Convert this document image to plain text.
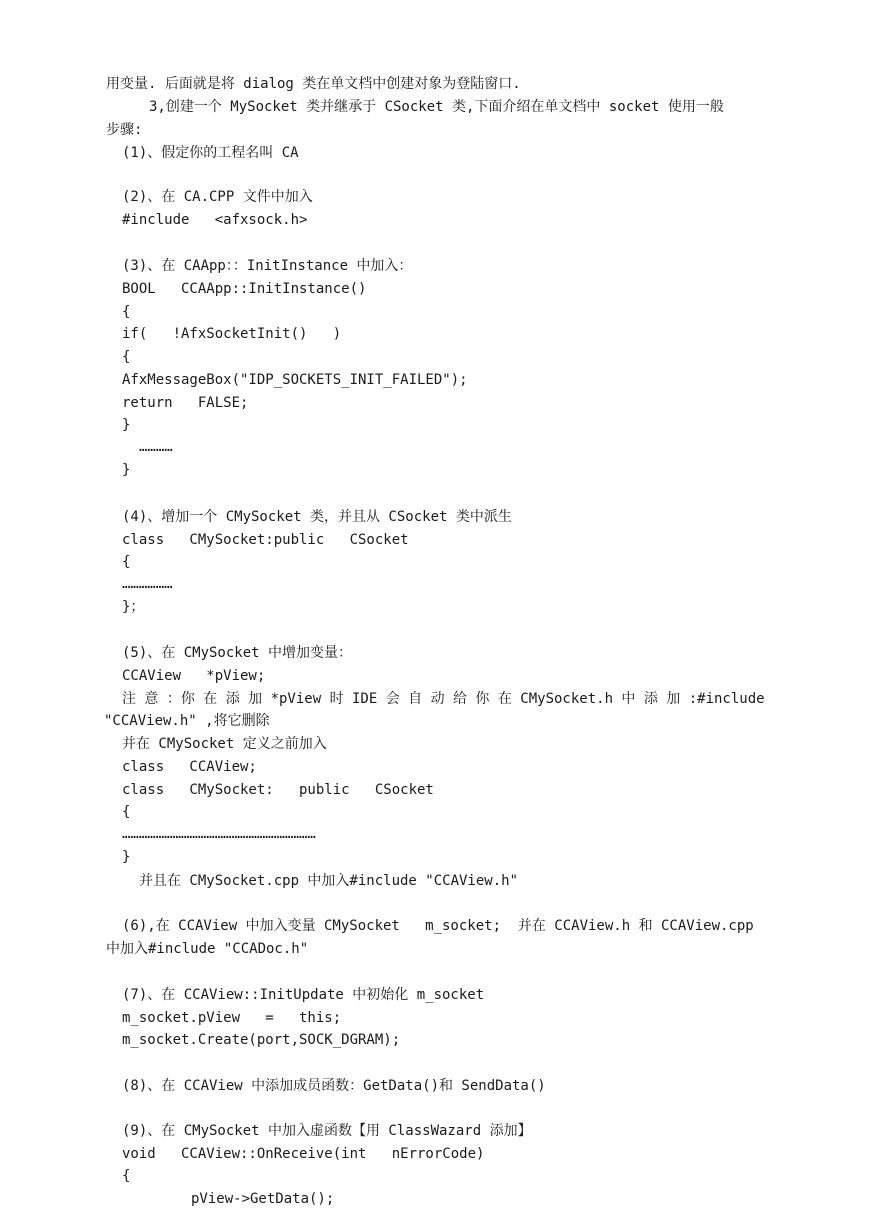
用变量. 后面就是将 dialog 类在单文档中创建对象为登陆窗口.
3,创建一个 MySocket 类并继承于 CSocket 类,下面介绍在单文档中 socket 使用一般
步骤:
(1)、假定你的工程名叫 CA
(2)、在 CA.CPP 文件中加入
#include   <afxsock.h>
(3)、在 CAApp：：InitInstance 中加入：
BOOL   CCAApp::InitInstance()
{
if(   !AfxSocketInit()   )
{
AfxMessageBox("IDP_SOCKETS_INIT_FAILED");
return   FALSE;
}
…………
}
(4)、增加一个 CMySocket 类，并且从 CSocket 类中派生
class   CMySocket:public   CSocket
{
………………
}；
(5)、在 CMySocket 中增加变量：
CCAView   *pView;
注 意 ：你 在 添 加 *pView 时 IDE 会 自 动 给 你 在 CMySocket.h 中 添 加 :#include
"CCAView.h" ,将它删除
并在 CMySocket 定义之前加入
class   CCAView;
class   CMySocket:   public   CSocket
{
……………………………………………………………
}
并且在 CMySocket.cpp 中加入#include "CCAView.h"
(6),在 CCAView 中加入变量 CMySocket   m_socket;  并在 CCAView.h 和 CCAView.cpp
中加入#include "CCADoc.h"
(7)、在 CCAView::InitUpdate 中初始化 m_socket
m_socket.pView   =   this;
m_socket.Create(port,SOCK_DGRAM);
(8)、在 CCAView 中添加成员函数：GetData()和 SendData()
(9)、在 CMySocket 中加入虚函数【用 ClassWazard 添加】
void   CCAView::OnReceive(int   nErrorCode)
{
pView->GetData();
